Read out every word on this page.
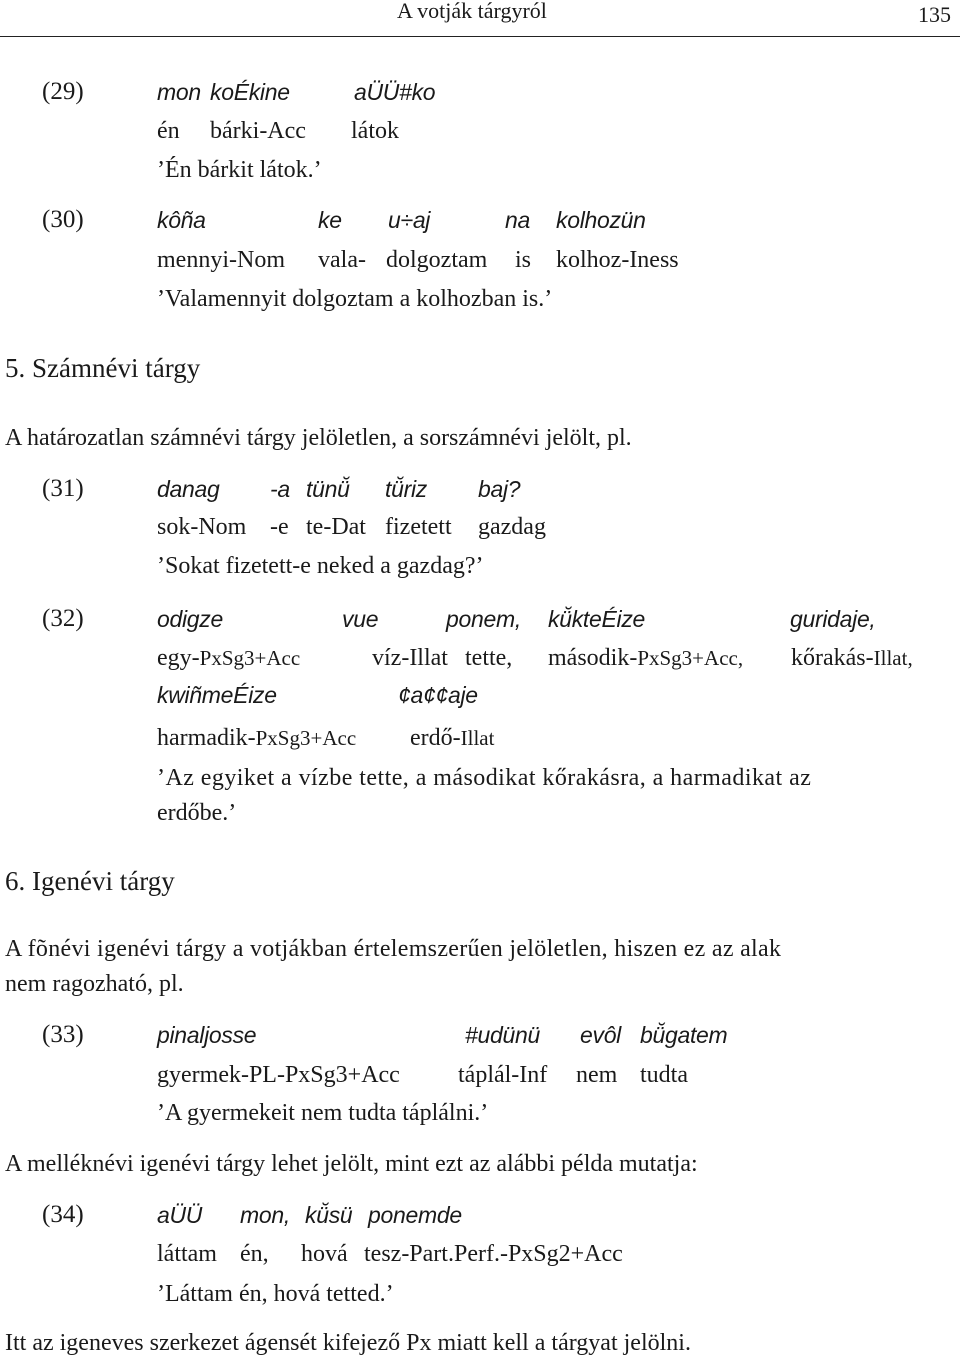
A votják tárgyról	135
(29)	mon koÉkine	aÜÜ#ko
én bárki-Acc látok
’Én bárkit látok.’
(30)	kôña	ke u÷aj	na kolhozün
mennyi-Nom vala- dolgoztam is kolhoz-Iness
’Valamennyit dolgoztam a kolhozban is.’
5. Számnévi tárgy
A határozatlan számnévi tárgy jelöletlen, a sorszámnévi jelölt, pl.
(31)	danag -a tünü̆ tü̆riz baj?
sok-Nom -e te-Dat fizetett gazdag
’Sokat fizetett-e neked a gazdag?’
(32)	odigze	vue	ponem, kü̆kteÉize	guridaje,
egy-PxSg3+Acc	víz-Illat tette, második-PxSg3+Acc, kőrakás-Illat,
kwiñmeÉize	¢a¢¢aje
harmadik-PxSg3+Acc erdő-Illat
’Az egyiket a vízbe tette, a másodikat kőrakásra, a harmadikat az
erdőbe.’
6. Igenévi tárgy
A fõnévi igenévi tárgy a votjákban értelemszerűen jelöletlen, hiszen ez az alak
nem ragozható, pl.
(33)	pinaljosse	#udünü evôl bü̆gatem
gyermek-PL-PxSg3+Acc táplál-Inf nem tudta
’A gyermekeit nem tudta táplálni.’
A melléknévi igenévi tárgy lehet jelölt, mint ezt az alábbi példa mutatja:
(34)	aÜÜ mon, kü̆sü ponemde
láttam én, hová tesz-Part.Perf.-PxSg2+Acc
’Láttam én, hová tetted.’
Itt az igeneves szerkezet ágensét kifejező Px miatt kell a tárgyat jelölni.
